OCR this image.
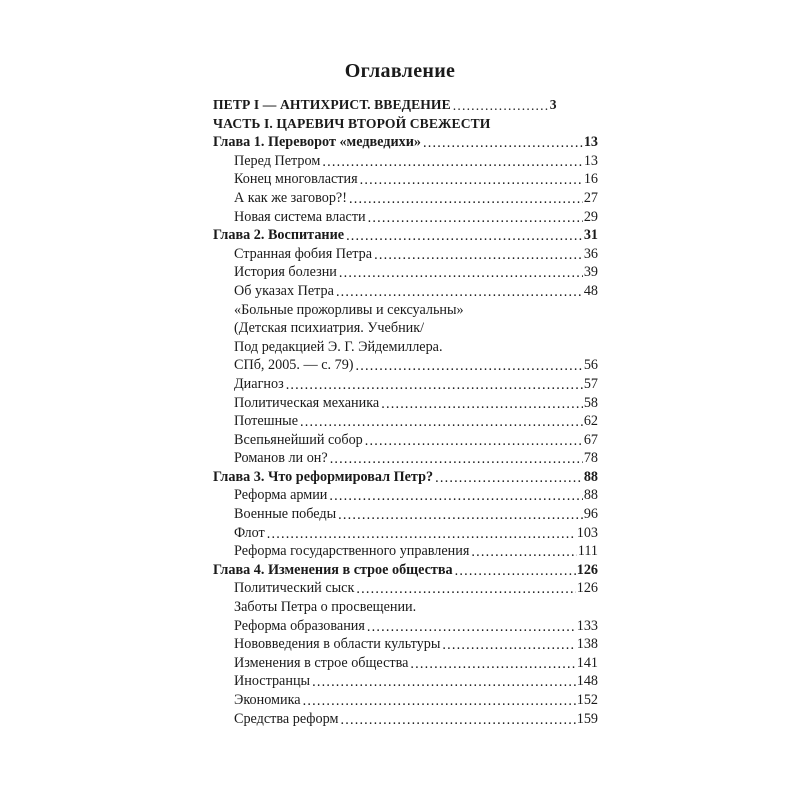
Оглавление
ПЕТР I — АНТИХРИСТ. ВВЕДЕНИЕ .....	3
ЧАСТЬ I. ЦАРЕВИЧ ВТОРОЙ СВЕЖЕСТИ
Глава 1. Переворот «медведихи» .....	13
Перед Петром .....	13
Конец многовластия .....	16
А как же заговор?! .....	27
Новая система власти .....	29
Глава 2. Воспитание .....	31
Странная фобия Петра .....	36
История болезни .....	39
Об указах Петра .....	48
«Больные прожорливы и сексуальны»
(Детская психиатрия. Учебник/
Под редакцией Э. Г. Эйдемиллера.
СПб, 2005. — с. 79) .....	56
Диагноз .....	57
Политическая механика .....	58
Потешные .....	62
Всепьянейший собор .....	67
Романов ли он? .....	78
Глава 3. Что реформировал Петр? .....	88
Реформа армии .....	88
Военные победы .....	96
Флот .....	103
Реформа государственного управления .....	111
Глава 4. Изменения в строе общества .....	126
Политический сыск .....	126
Заботы Петра о просвещении.
Реформа образования .....	133
Нововведения в области культуры .....	138
Изменения в строе общества .....	141
Иностранцы .....	148
Экономика .....	152
Средства реформ .....	159
